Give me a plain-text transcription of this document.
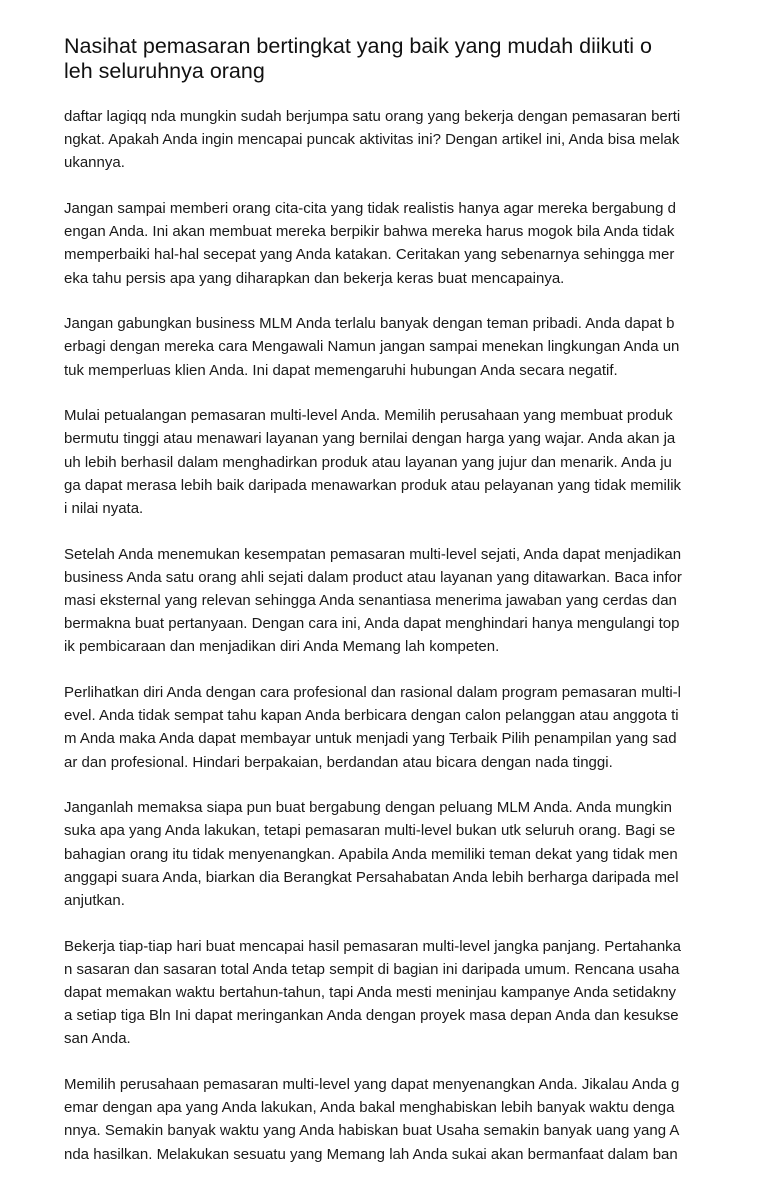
Nasihat pemasaran bertingkat yang baik yang mudah diikuti o
leh seluruhnya orang

daftar lagiqq nda mungkin sudah berjumpa satu orang yang bekerja dengan pemasaran berti
ngkat. Apakah Anda ingin mencapai puncak aktivitas ini? Dengan artikel ini, Anda bisa melak
ukannya.

Jangan sampai memberi orang cita-cita yang tidak realistis hanya agar mereka bergabung d
engan Anda. Ini akan membuat mereka berpikir bahwa mereka harus mogok bila Anda tidak
memperbaiki hal-hal secepat yang Anda katakan. Ceritakan yang sebenarnya sehingga mer
eka tahu persis apa yang diharapkan dan bekerja keras buat mencapainya.

Jangan gabungkan business MLM Anda terlalu banyak dengan teman pribadi. Anda dapat b
erbagi dengan mereka cara Mengawali Namun jangan sampai menekan lingkungan Anda un
tuk memperluas klien Anda. Ini dapat memengaruhi hubungan Anda secara negatif.

Mulai petualangan pemasaran multi-level Anda. Memilih perusahaan yang membuat produk
bermutu tinggi atau menawari layanan yang bernilai dengan harga yang wajar. Anda akan ja
uh lebih berhasil dalam menghadirkan produk atau layanan yang jujur dan menarik. Anda ju
ga dapat merasa lebih baik daripada menawarkan produk atau pelayanan yang tidak memilik
i nilai nyata.

Setelah Anda menemukan kesempatan pemasaran multi-level sejati, Anda dapat menjadikan
business Anda satu orang ahli sejati dalam product atau layanan yang ditawarkan. Baca infor
masi eksternal yang relevan sehingga Anda senantiasa menerima jawaban yang cerdas dan
bermakna buat pertanyaan. Dengan cara ini, Anda dapat menghindari hanya mengulangi top
ik pembicaraan dan menjadikan diri Anda Memang lah kompeten.

Perlihatkan diri Anda dengan cara profesional dan rasional dalam program pemasaran multi-l
evel. Anda tidak sempat tahu kapan Anda berbicara dengan calon pelanggan atau anggota ti
m Anda maka Anda dapat membayar untuk menjadi yang Terbaik Pilih penampilan yang sad
ar dan profesional. Hindari berpakaian, berdandan atau bicara dengan nada tinggi.

Janganlah memaksa siapa pun buat bergabung dengan peluang MLM Anda. Anda mungkin
suka apa yang Anda lakukan, tetapi pemasaran multi-level bukan utk seluruh orang. Bagi se
bahagian orang itu tidak menyenangkan. Apabila Anda memiliki teman dekat yang tidak men
anggapi suara Anda, biarkan dia Berangkat Persahabatan Anda lebih berharga daripada mel
anjutkan.

Bekerja tiap-tiap hari buat mencapai hasil pemasaran multi-level jangka panjang. Pertahanka
n sasaran dan sasaran total Anda tetap sempit di bagian ini daripada umum. Rencana usaha
dapat memakan waktu bertahun-tahun, tapi Anda mesti meninjau kampanye Anda setidakny
a setiap tiga Bln Ini dapat meringankan Anda dengan proyek masa depan Anda dan kesukse
san Anda.

Memilih perusahaan pemasaran multi-level yang dapat menyenangkan Anda. Jikalau Anda g
emar dengan apa yang Anda lakukan, Anda bakal menghabiskan lebih banyak waktu denga
nnya. Semakin banyak waktu yang Anda habiskan buat Usaha semakin banyak uang yang A
nda hasilkan. Melakukan sesuatu yang Memang lah Anda sukai akan bermanfaat dalam ban
